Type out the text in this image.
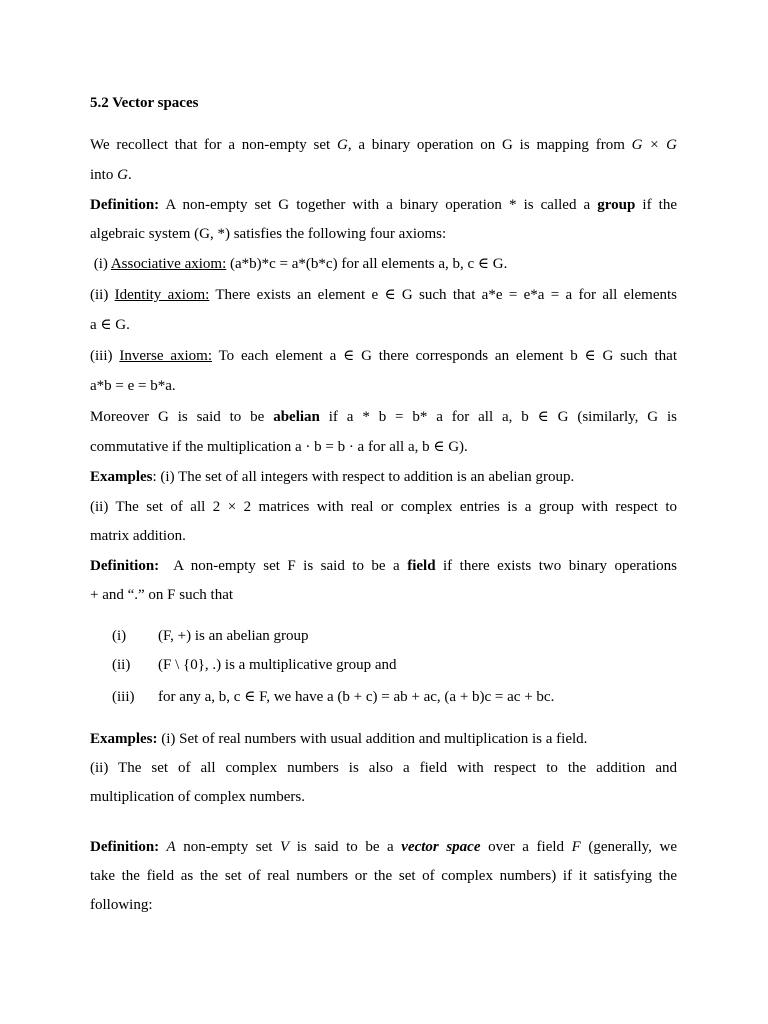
5.2 Vector spaces
We recollect that for a non-empty set G, a binary operation on G is mapping from G × G
into G.
Definition: A non-empty set G together with a binary operation * is called a group if the
algebraic system (G, *) satisfies the following four axioms:
(i) Associative axiom: (a*b)*c = a*(b*c) for all elements a, b, c ∈ G.
(ii) Identity axiom: There exists an element e ∈ G such that a*e = e*a = a for all elements
a ∈ G.
(iii) Inverse axiom: To each element a ∈ G there corresponds an element b ∈ G such that
a*b = e = b*a.
Moreover G is said to be abelian if a * b = b* a for all a, b ∈ G (similarly, G is
commutative if the multiplication a · b = b · a for all a, b ∈ G).
Examples: (i) The set of all integers with respect to addition is an abelian group.
(ii) The set of all 2 × 2 matrices with real or complex entries is a group with respect to
matrix addition.
Definition:  A non-empty set F is said to be a field if there exists two binary operations
+ and “.” on F such that
(i) (F, +) is an abelian group
(ii) (F \ {0}, .) is a multiplicative group and
(iii) for any a, b, c ∈ F, we have a (b + c) = ab + ac, (a + b)c = ac + bc.
Examples: (i) Set of real numbers with usual addition and multiplication is a field.
(ii) The set of all complex numbers is also a field with respect to the addition and
multiplication of complex numbers.
Definition: A non-empty set V is said to be a vector space over a field F (generally, we
take the field as the set of real numbers or the set of complex numbers) if it satisfying the
following:
